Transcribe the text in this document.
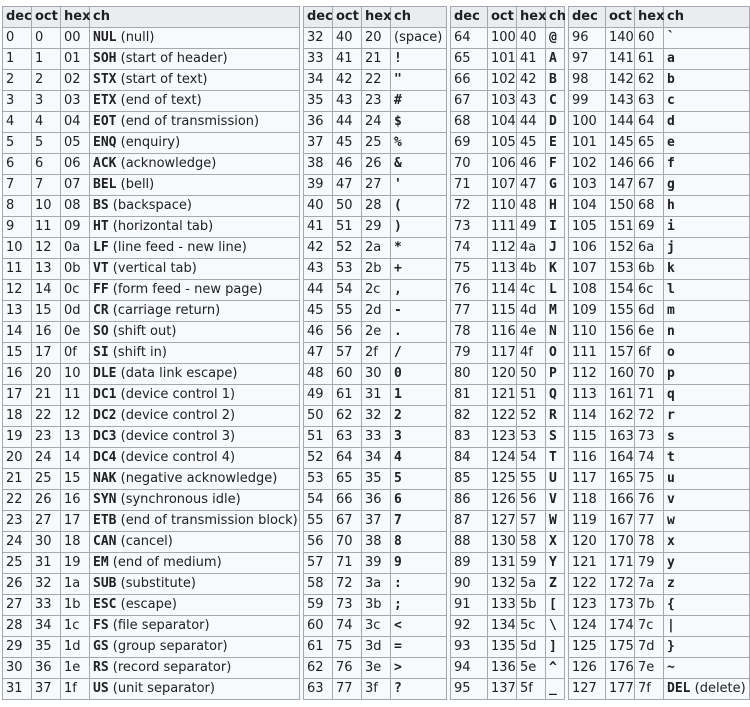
dec	oct	hex	ch		dec	oct	hex	ch		dec	oct	hex	ch		dec	oct	hex	ch
0	0	00	NUL (null)		32	40	20	(space)		64	100	40	@		96	140	60	`
1	1	01	SOH (start of header)		33	41	21	!		65	101	41	A		97	141	61	a
2	2	02	STX (start of text)		34	42	22	"		66	102	42	B		98	142	62	b
3	3	03	ETX (end of text)		35	43	23	#		67	103	43	C		99	143	63	c
4	4	04	EOT (end of transmission)		36	44	24	$		68	104	44	D		100	144	64	d
5	5	05	ENQ (enquiry)		37	45	25	%		69	105	45	E		101	145	65	e
6	6	06	ACK (acknowledge)		38	46	26	&		70	106	46	F		102	146	66	f
7	7	07	BEL (bell)		39	47	27	'		71	107	47	G		103	147	67	g
8	10	08	BS (backspace)		40	50	28	(		72	110	48	H		104	150	68	h
9	11	09	HT (horizontal tab)		41	51	29	)		73	111	49	I		105	151	69	i
10	12	0a	LF (line feed - new line)		42	52	2a	*		74	112	4a	J		106	152	6a	j
11	13	0b	VT (vertical tab)		43	53	2b	+		75	113	4b	K		107	153	6b	k
12	14	0c	FF (form feed - new page)		44	54	2c	,		76	114	4c	L		108	154	6c	l
13	15	0d	CR (carriage return)		45	55	2d	-		77	115	4d	M		109	155	6d	m
14	16	0e	SO (shift out)		46	56	2e	.		78	116	4e	N		110	156	6e	n
15	17	0f	SI (shift in)		47	57	2f	/		79	117	4f	O		111	157	6f	o
16	20	10	DLE (data link escape)		48	60	30	0		80	120	50	P		112	160	70	p
17	21	11	DC1 (device control 1)		49	61	31	1		81	121	51	Q		113	161	71	q
18	22	12	DC2 (device control 2)		50	62	32	2		82	122	52	R		114	162	72	r
19	23	13	DC3 (device control 3)		51	63	33	3		83	123	53	S		115	163	73	s
20	24	14	DC4 (device control 4)		52	64	34	4		84	124	54	T		116	164	74	t
21	25	15	NAK (negative acknowledge)		53	65	35	5		85	125	55	U		117	165	75	u
22	26	16	SYN (synchronous idle)		54	66	36	6		86	126	56	V		118	166	76	v
23	27	17	ETB (end of transmission block)		55	67	37	7		87	127	57	W		119	167	77	w
24	30	18	CAN (cancel)		56	70	38	8		88	130	58	X		120	170	78	x
25	31	19	EM (end of medium)		57	71	39	9		89	131	59	Y		121	171	79	y
26	32	1a	SUB (substitute)		58	72	3a	:		90	132	5a	Z		122	172	7a	z
27	33	1b	ESC (escape)		59	73	3b	;		91	133	5b	[		123	173	7b	{
28	34	1c	FS (file separator)		60	74	3c	<		92	134	5c	\		124	174	7c	|
29	35	1d	GS (group separator)		61	75	3d	=		93	135	5d	]		125	175	7d	}
30	36	1e	RS (record separator)		62	76	3e	>		94	136	5e	^		126	176	7e	~
31	37	1f	US (unit separator)		63	77	3f	?		95	137	5f	_		127	177	7f	DEL (delete)
